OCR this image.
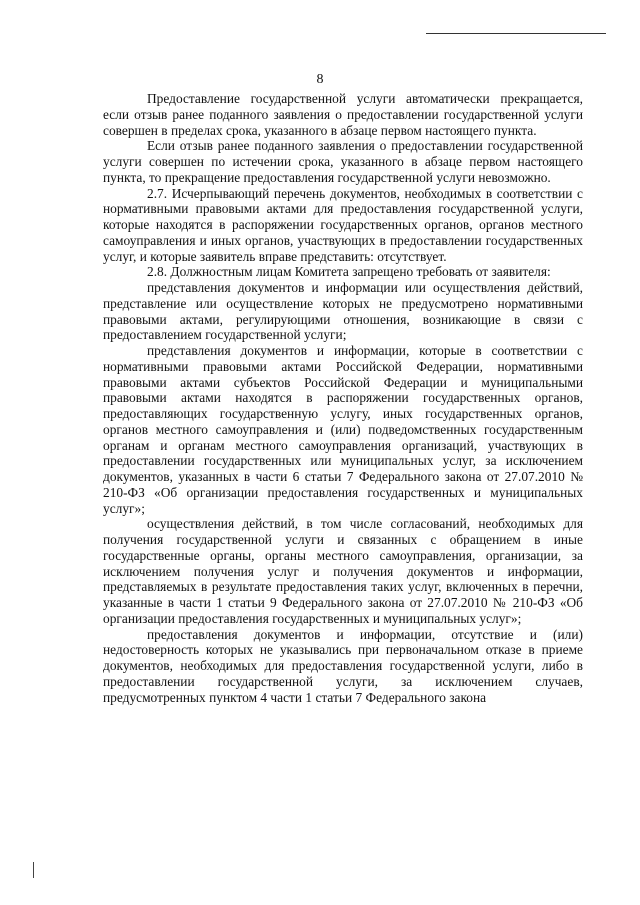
8

Предоставление государственной услуги автоматически прекращается, если отзыв ранее поданного заявления о предоставлении государственной услуги совершен в пределах срока, указанного в абзаце первом настоящего пункта.

Если отзыв ранее поданного заявления о предоставлении государственной услуги совершен по истечении срока, указанного в абзаце первом настоящего пункта, то прекращение предоставления государственной услуги невозможно.

2.7. Исчерпывающий перечень документов, необходимых в соответствии с нормативными правовыми актами для предоставления государственной услуги, которые находятся в распоряжении государственных органов, органов местного самоуправления и иных органов, участвующих в предоставлении государственных услуг, и которые заявитель вправе представить: отсутствует.

2.8. Должностным лицам Комитета запрещено требовать от заявителя:

представления документов и информации или осуществления действий, представление или осуществление которых не предусмотрено нормативными правовыми актами, регулирующими отношения, возникающие в связи с предоставлением государственной услуги;

представления документов и информации, которые в соответствии с нормативными правовыми актами Российской Федерации, нормативными правовыми актами субъектов Российской Федерации и муниципальными правовыми актами находятся в распоряжении государственных органов, предоставляющих государственную услугу, иных государственных органов, органов местного самоуправления и (или) подведомственных государственным органам и органам местного самоуправления организаций, участвующих в предоставлении государственных или муниципальных услуг, за исключением документов, указанных в части 6 статьи 7 Федерального закона от 27.07.2010 № 210-ФЗ «Об организации предоставления государственных и муниципальных услуг»;

осуществления действий, в том числе согласований, необходимых для получения государственной услуги и связанных с обращением в иные государственные органы, органы местного самоуправления, организации, за исключением получения услуг и получения документов и информации, представляемых в результате предоставления таких услуг, включенных в перечни, указанные в части 1 статьи 9 Федерального закона от 27.07.2010 № 210-ФЗ «Об организации предоставления государственных и муниципальных услуг»;

предоставления документов и информации, отсутствие и (или) недостоверность которых не указывались при первоначальном отказе в приеме документов, необходимых для предоставления государственной услуги, либо в предоставлении государственной услуги, за исключением случаев, предусмотренных пунктом 4 части 1 статьи 7 Федерального закона
